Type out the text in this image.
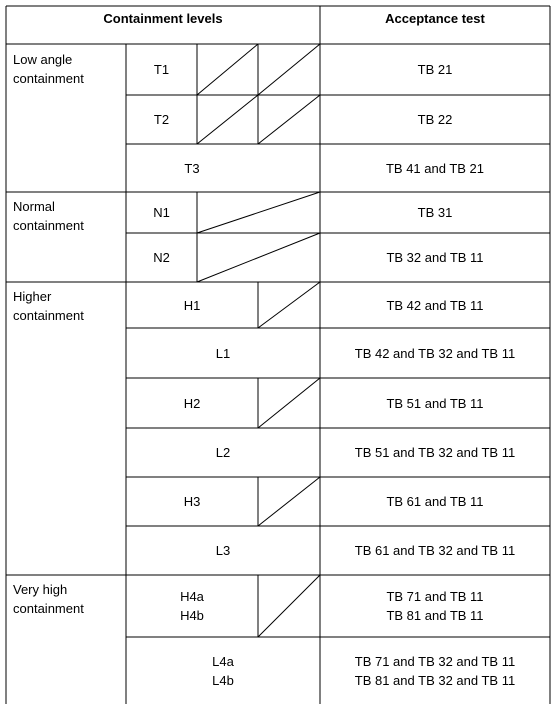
Containment levels	Acceptance test
Low angle
containment
Normal
containment
Higher
containment
Very high
containment
T1
T2
T3
N1
N2
H1
L1
H2
L2
H3
L3
H4a
H4b
L4a
L4b
TB 21
TB 22
TB 41 and TB 21
TB 31
TB 32 and TB 11
TB 42 and TB 11
TB 42 and TB 32 and TB 11
TB 51 and TB 11
TB 51 and TB 32 and TB 11
TB 61 and TB 11
TB 61 and TB 32 and TB 11
TB 71 and TB 11
TB 81 and TB 11
TB 71 and TB 32 and TB 11
TB 81 and TB 32 and TB 11
